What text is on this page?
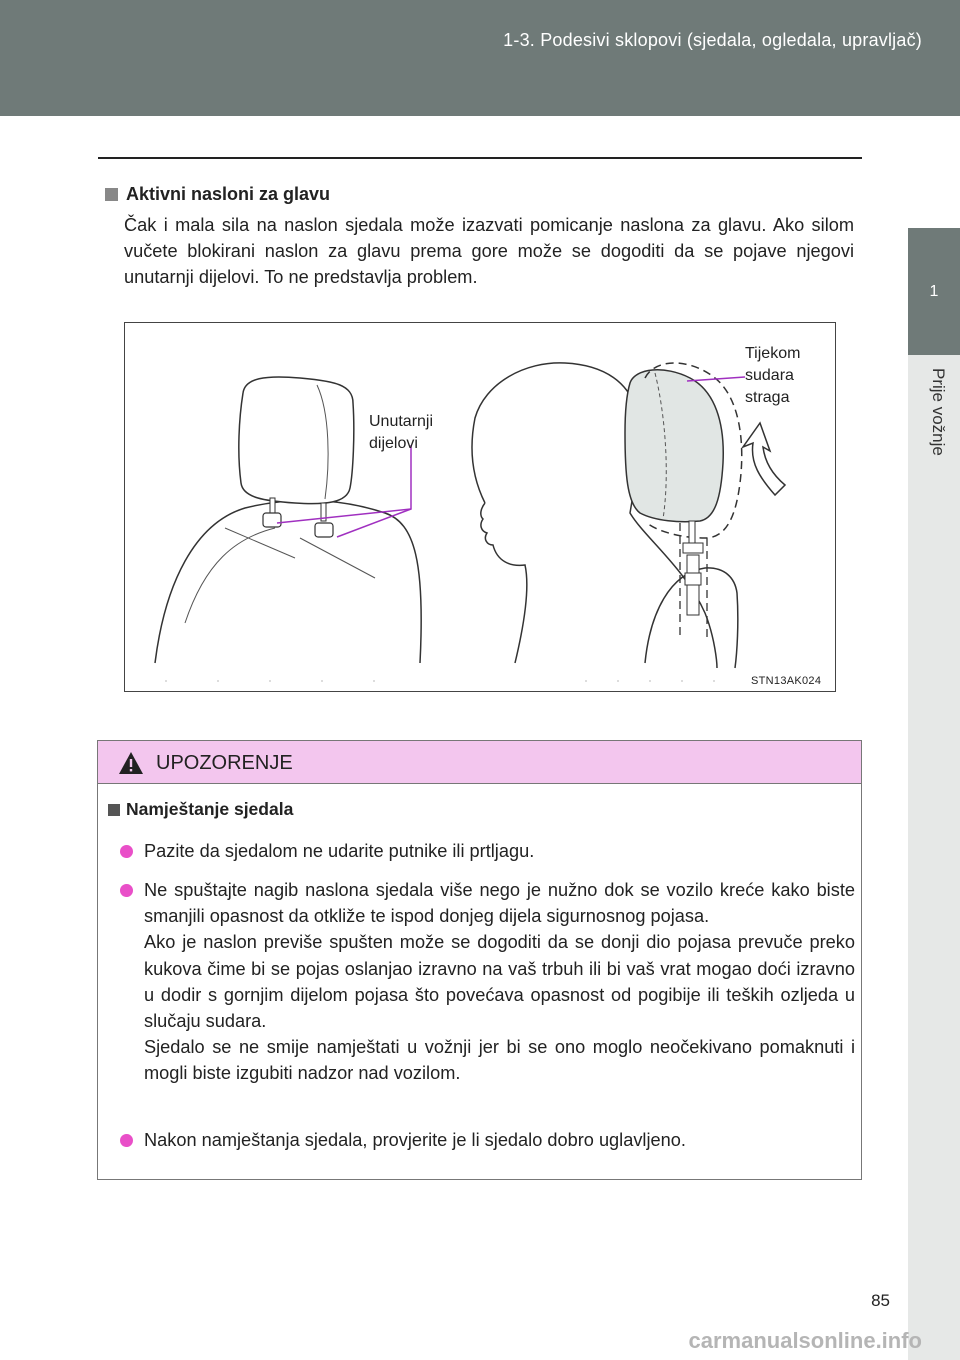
1-3. Podesivi sklopovi (sjedala, ogledala, upravljač)
1
Prije vožnje
Aktivni nasloni za glavu
Čak i mala sila na naslon sjedala može izazvati pomicanje naslona za glavu. Ako silom vučete blokirani naslon za glavu prema gore može se dogoditi da se pojave njegovi unutarnji dijelovi. To ne predstavlja problem.
Unutarnji dijelovi
Tijekom sudara straga
STN13AK024
UPOZORENJE
Namještanje sjedala

Pazite da sjedalom ne udarite putnike ili prtljagu.

Ne spuštajte nagib naslona sjedala više nego je nužno dok se vozilo kreće kako biste smanjili opasnost da otkliže te ispod donjeg dijela sigurnosnog pojasa.

Ako je naslon previše spušten može se dogoditi da se donji dio pojasa prevuče preko kukova čime bi se pojas oslanjao izravno na vaš trbuh ili bi vaš vrat mogao doći izravno u dodir s gornjim dijelom pojasa što povećava opasnost od pogibije ili teških ozljeda u slučaju sudara.

Sjedalo se ne smije namještati u vožnji jer bi se ono moglo neočekivano pomaknuti i mogli biste izgubiti nadzor nad vozilom.

Nakon namještanja sjedala, provjerite je li sjedalo dobro uglavljeno.

85
carmanualsonline.info
